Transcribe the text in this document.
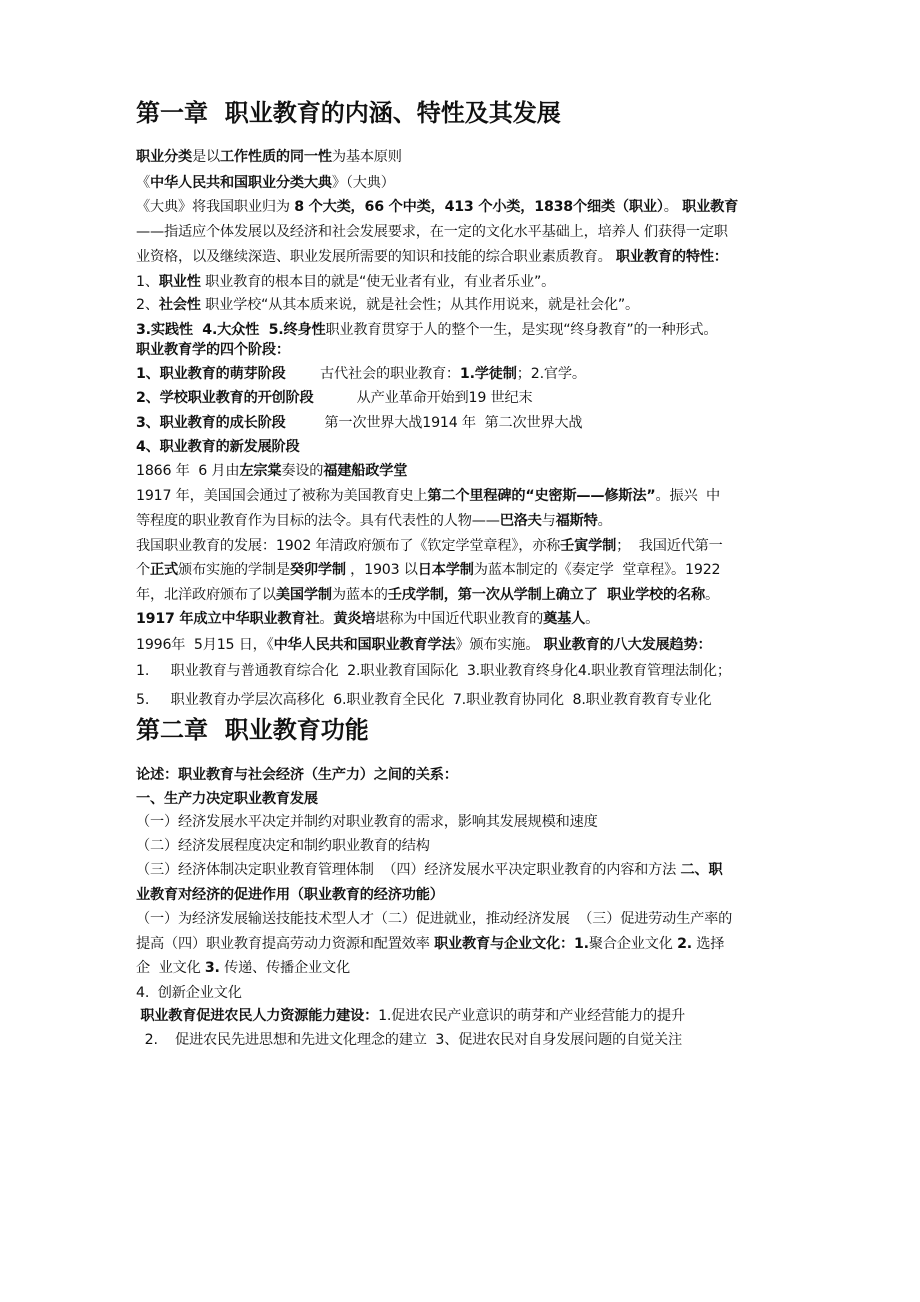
第一章  职业教育的内涵、特性及其发展
职业分类是以工作性质的同一性为基本原则
《中华人民共和国职业分类大典》（大典）
《大典》将我国职业归为 8 个大类，66 个中类，413 个小类，1838个细类（职业）。 职业教育
——指适应个体发展以及经济和社会发展要求，在一定的文化水平基础上，培养人 们获得一定职
业资格，以及继续深造、职业发展所需要的知识和技能的综合职业素质教育。 职业教育的特性：
1、职业性 职业教育的根本目的就是“使无业者有业，有业者乐业”。
2、社会性 职业学校“从其本质来说，就是社会性；从其作用说来，就是社会化”。
3.实践性  4.大众性  5.终身性职业教育贯穿于人的整个一生，是实现“终身教育”的一种形式。
职业教育学的四个阶段：
1、职业教育的萌芽阶段        古代社会的职业教育：1.学徒制；2.官学。
2、学校职业教育的开创阶段          从产业革命开始到19 世纪末
3、职业教育的成长阶段         第一次世界大战1914 年  第二次世界大战
4、职业教育的新发展阶段
1866 年  6 月由左宗棠奏设的福建船政学堂
1917 年，美国国会通过了被称为美国教育史上第二个里程碑的“史密斯——修斯法”。振兴  中
等程度的职业教育作为目标的法令。具有代表性的人物——巴洛夫与福斯特。
我国职业教育的发展：1902 年清政府颁布了《钦定学堂章程》，亦称壬寅学制；  我国近代第一
个正式颁布实施的学制是癸卯学制 ，1903 以日本学制为蓝本制定的《奏定学  堂章程》。1922
年，北洋政府颁布了以美国学制为蓝本的壬戌学制，第一次从学制上确立了  职业学校的名称。
1917 年成立中华职业教育社。黄炎培堪称为中国近代职业教育的奠基人。
1996年  5月15 日，《中华人民共和国职业教育学法》颁布实施。 职业教育的八大发展趋势：
1.     职业教育与普通教育综合化  2.职业教育国际化  3.职业教育终身化4.职业教育管理法制化；
5.     职业教育办学层次高移化  6.职业教育全民化  7.职业教育协同化  8.职业教育教育专业化
第二章  职业教育功能
论述：职业教育与社会经济（生产力）之间的关系：
一、生产力决定职业教育发展
（一）经济发展水平决定并制约对职业教育的需求，影响其发展规模和速度
（二）经济发展程度决定和制约职业教育的结构
（三）经济体制决定职业教育管理体制  （四）经济发展水平决定职业教育的内容和方法 二、职
业教育对经济的促进作用（职业教育的经济功能）
（一）为经济发展输送技能技术型人才（二）促进就业，推动经济发展  （三）促进劳动生产率的
提高（四）职业教育提高劳动力资源和配置效率 职业教育与企业文化：1.聚合企业文化 2. 选择
企  业文化 3. 传递、传播企业文化
4.  创新企业文化
职业教育促进农民人力资源能力建设：1.促进农民产业意识的萌芽和产业经营能力的提升
2.    促进农民先进思想和先进文化理念的建立  3、促进农民对自身发展问题的自觉关注
